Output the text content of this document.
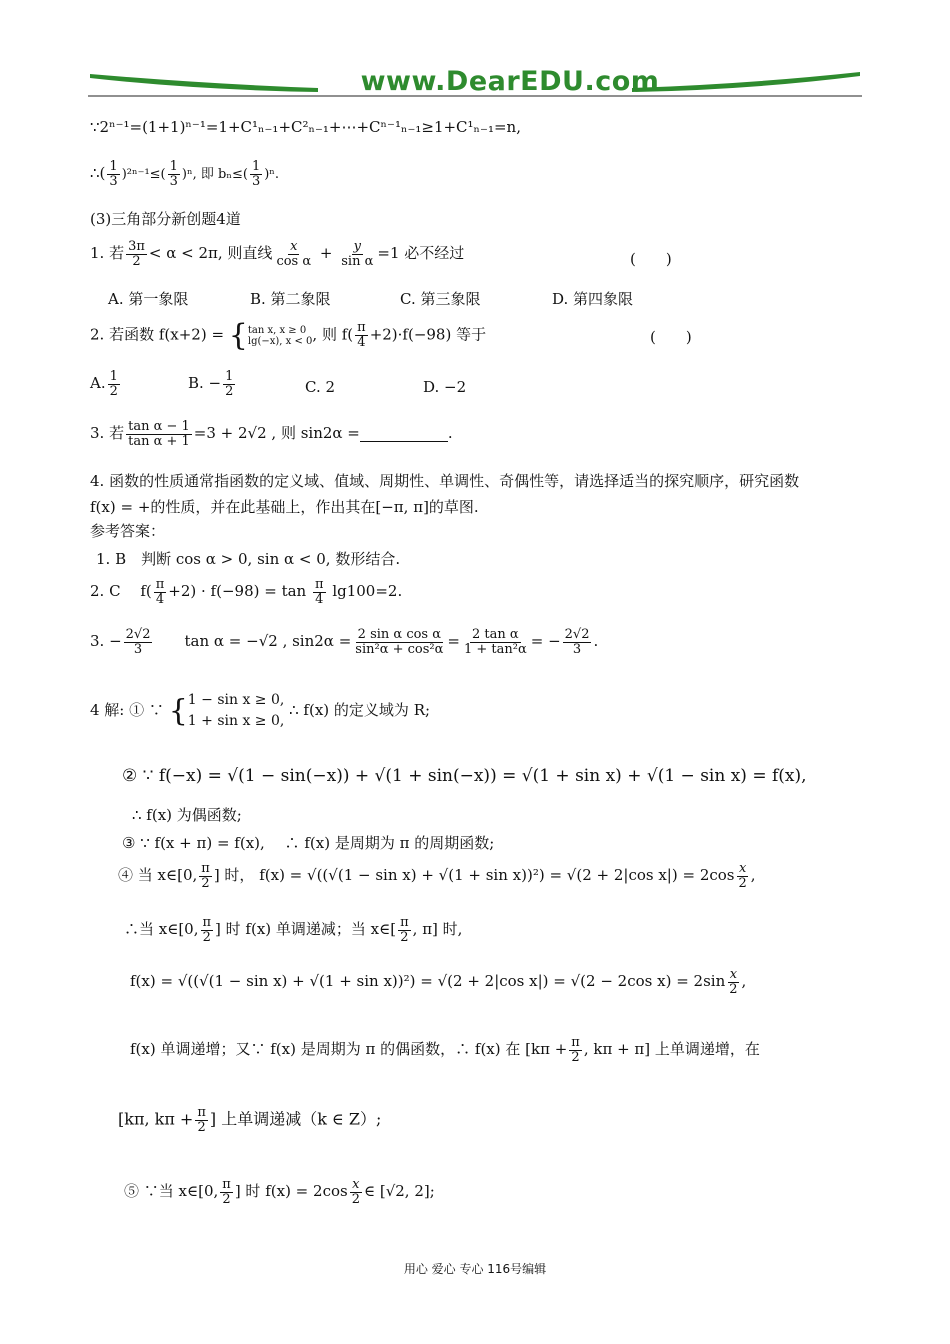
www.DearEDU.com
∵2ⁿ⁻¹=(1+1)ⁿ⁻¹=1+C¹ₙ₋₁+C²ₙ₋₁+⋯+Cⁿ⁻¹ₙ₋₁≥1+C¹ₙ₋₁=n,
∴( $\frac{1}{3} )^{2n-1}\le( \frac{1}{3} )^n$, 即 $b_n\le( \frac{1}{3} )^n$.
(3)三角部分新创题4道
1. 若 $\frac{3\pi}{2} < \alpha < 2\pi$, 则直线 $\frac{x}{\text{cos α}} + \frac{y}{\text{sin α}} =1$ 必不经过	(　　)
A. 第一象限	B. 第二象限	C. 第三象限	D. 第四象限
2. 若函数 f(x+2) = { tan x, x ≥ 0
lg(−x), x < 0 , 则 $f( \frac{\pi}{4} +2)\cdot f(-98)$ 等于	(　　)
A. $\frac{1}{2}$	B. − $\frac{1}{2}$	C. 2	D. −2
3. 若 $\frac{\text{tan α − 1}}{\text{tan α + 1}} =3 + 2√2$ , 则 sin2α =	.
4. 函数的性质通常指函数的定义域、值域、周期性、单调性、奇偶性等，请选择适当的探究顺序，研究函数
f(x) = +的性质，并在此基础上，作出其在[−π, π]的草图.
参考答案：
1. B　判断 cos α > 0, sin α < 0, 数形结合.
2. C　 $f( \frac{\pi}{4} +2) \cdot f(-98) = \tan \frac{\pi}{4} \lg 100=2$.
3. − $\frac{2√2}{3}$
　　 tan α = −√2 , $\sin 2\alpha = \frac{\text{2 sin α cos α}}{\text{sin²α + cos²α}} = \frac{\text{2 tan α}}{\text{1 + tan²α}}$ = − $\frac{2√2}{3}$ .
4 解: ① ∵ { 1 − sin x ≥ 0,
1 + sin x ≥ 0,
∴ f(x) 的定义域为 R;
② ∵ f(−x) = √(1 − sin(−x)) + √(1 + sin(−x)) = √(1 + sin x) + √(1 − sin x) = f(x),
∴ f(x) 为偶函数;
③ ∵ f(x + π) = f(x),　 ∴ f(x) 是周期为 π 的周期函数;
④ 当 x∈[0, $\frac{\pi}{2}$ ] 时， f(x) = √((√(1 − sin x) + √(1 + sin x))²) = √(2 + 2|cos $x|) = 2\cos \frac{x}{2}$ ,
∴当 x∈[0, $\frac{\pi}{2}$ ] 时 f(x) 单调递减；当 x∈[ $\frac{\pi}{2}$ , π] 时,
f(x) = √((√(1 − sin x) + √(1 + sin x))²) = √(2 + 2|cos x|) = √(2 − 2cos $x) = 2\sin \frac{x}{2}$ ,
f(x) 单调递增；又∵ f(x) 是周期为 π 的偶函数，∴ f(x) 在 [$k\pi + \frac{\pi}{2}$ , kπ + π] 上单调递增，在
[kπ, $k\pi + \frac{\pi}{2}$ ] 上单调递减（k ∈ Z）;
⑤ ∵当 x∈[0, $\frac{\pi}{2}$ ] 时 $f(x) = 2\cos \frac{x}{2}$ ∈ [√2, 2];
用心 爱心 专心 116号编辑
